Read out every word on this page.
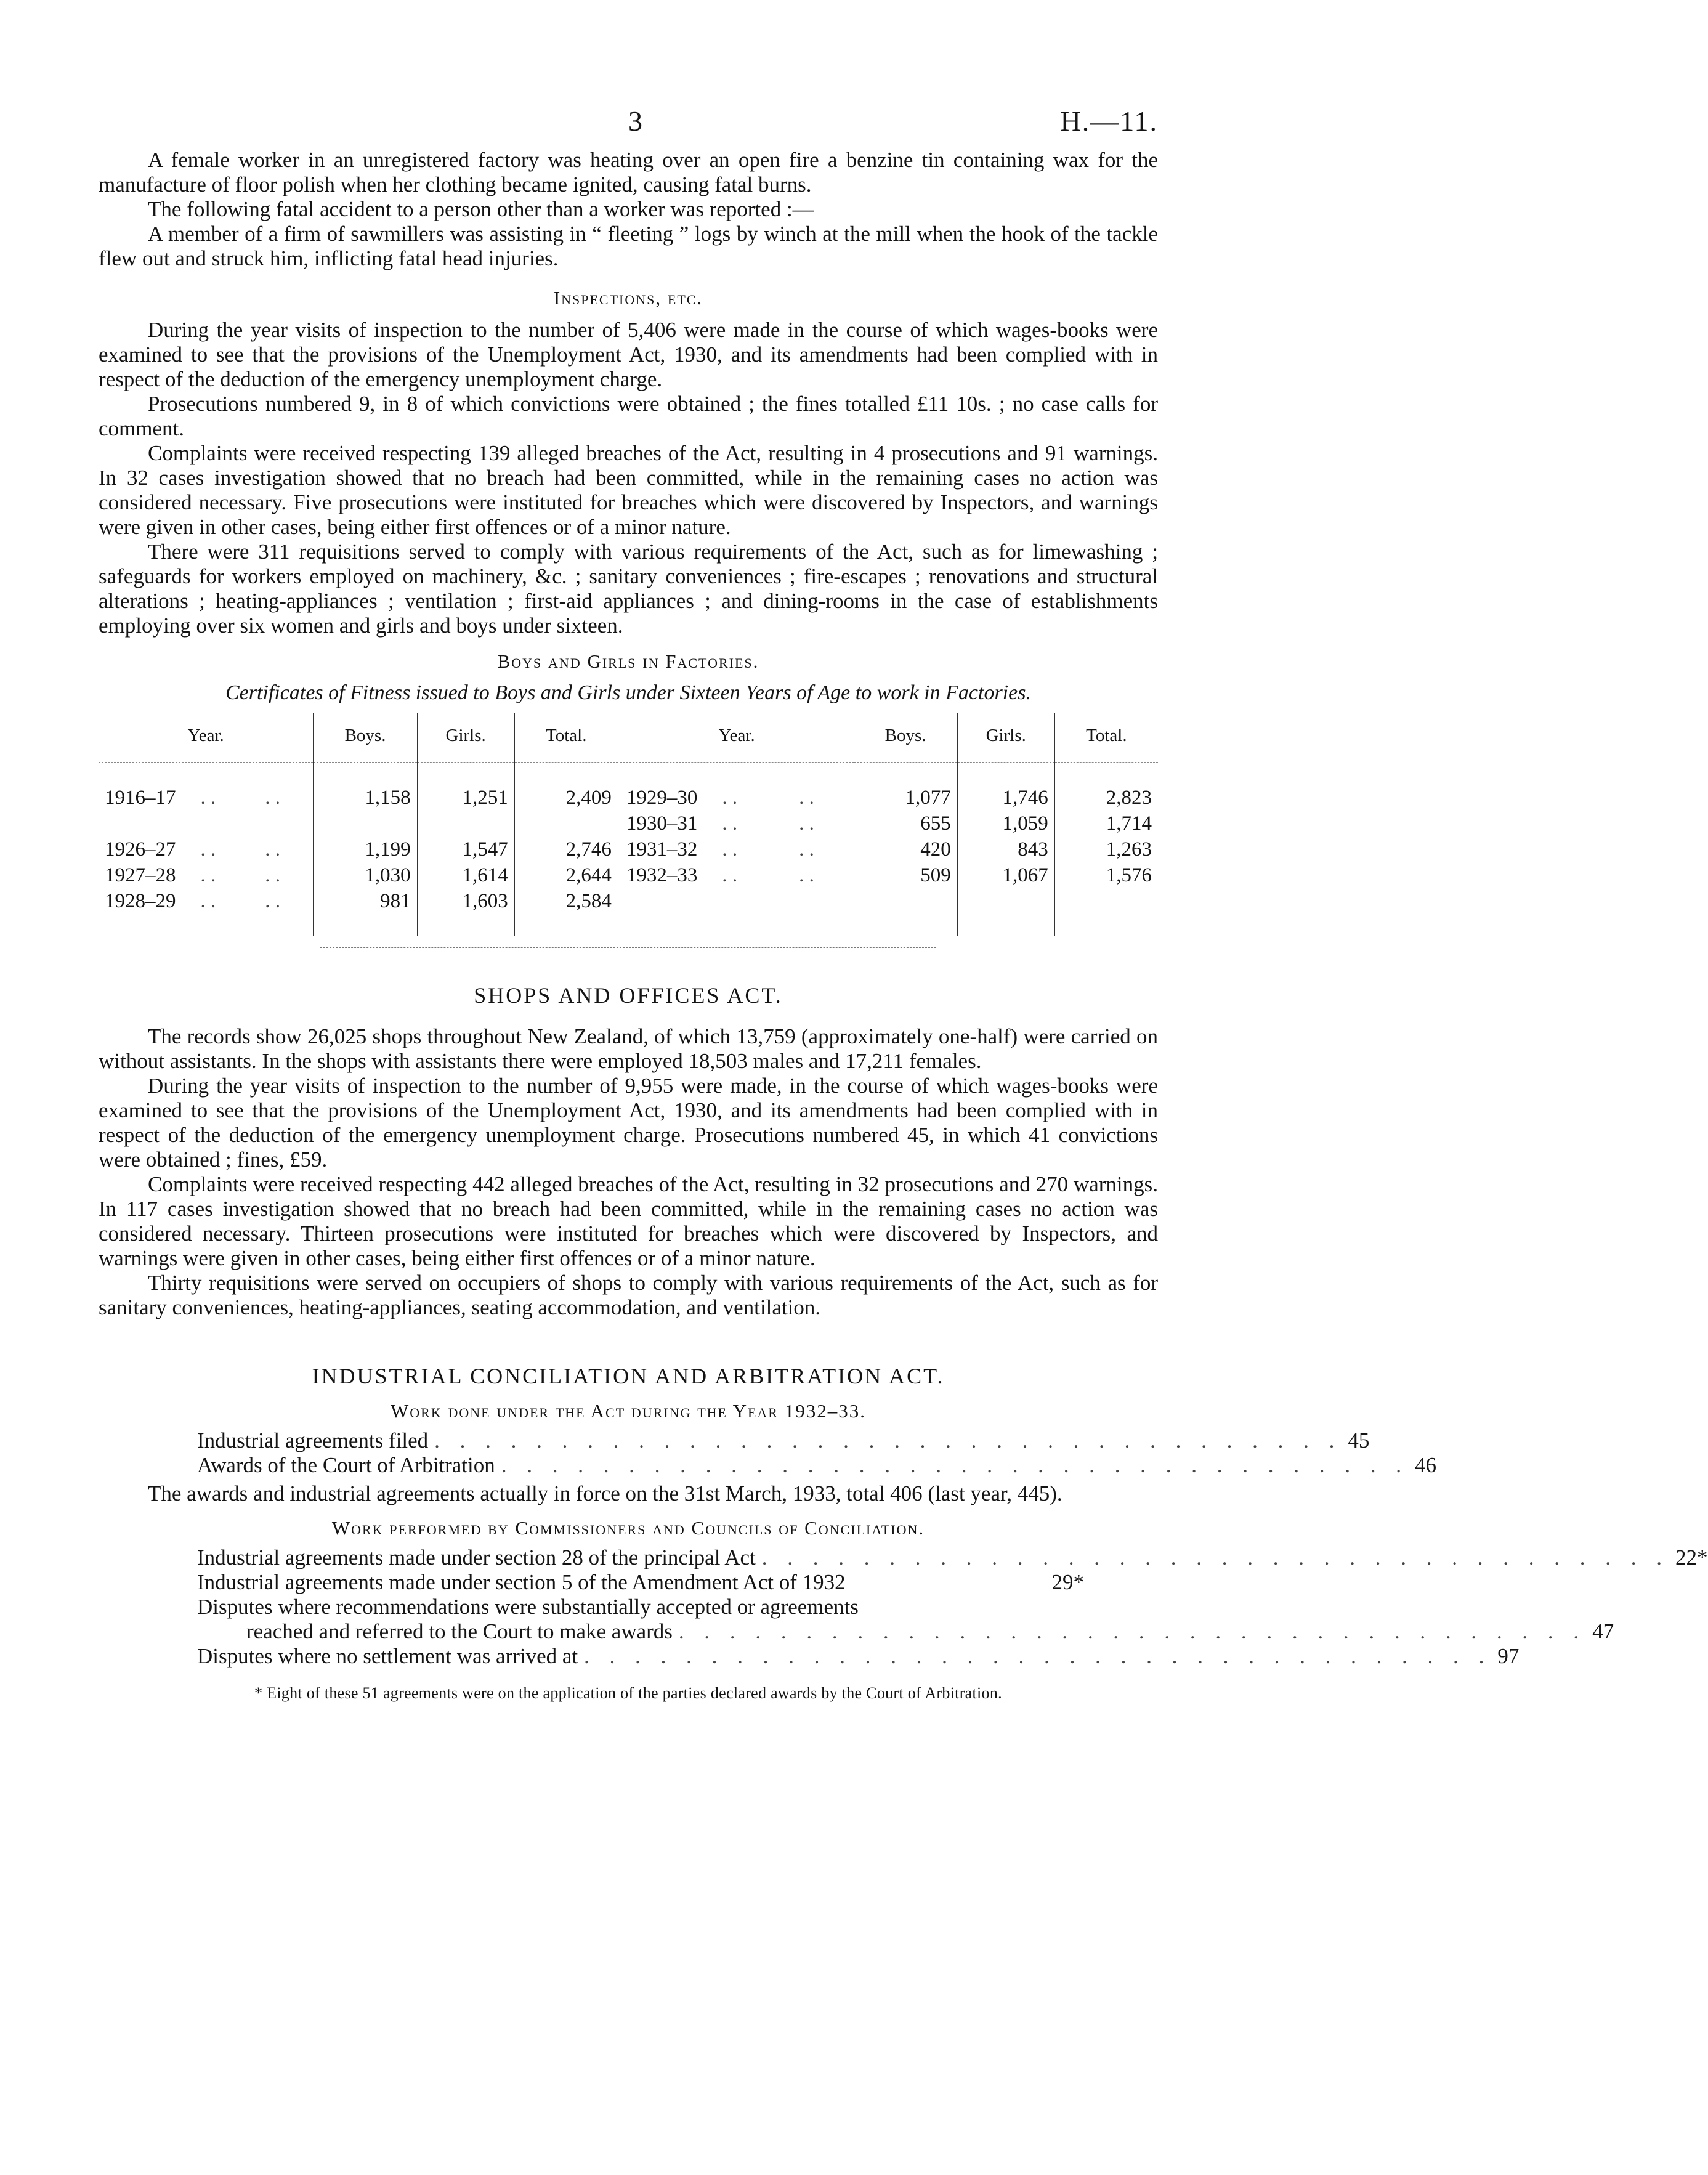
3	H.—11.

A female worker in an unregistered factory was heating over an open fire a benzine tin containing wax for the manufacture of floor polish when her clothing became ignited, causing fatal burns.

The following fatal accident to a person other than a worker was reported :—

A member of a firm of sawmillers was assisting in “ fleeting ” logs by winch at the mill when the hook of the tackle flew out and struck him, inflicting fatal head injuries.

Inspections, etc.

During the year visits of inspection to the number of 5,406 were made in the course of which wages-books were examined to see that the provisions of the Unemployment Act, 1930, and its amendments had been complied with in respect of the deduction of the emergency unemployment charge.

Prosecutions numbered 9, in 8 of which convictions were obtained ; the fines totalled £11 10s. ; no case calls for comment.

Complaints were received respecting 139 alleged breaches of the Act, resulting in 4 prosecutions and 91 warnings. In 32 cases investigation showed that no breach had been committed, while in the remaining cases no action was considered necessary. Five prosecutions were instituted for breaches which were discovered by Inspectors, and warnings were given in other cases, being either first offences or of a minor nature.

There were 311 requisitions served to comply with various requirements of the Act, such as for limewashing ; safeguards for workers employed on machinery, &c. ; sanitary conveniences ; fire-escapes ; renovations and structural alterations ; heating-appliances ; ventilation ; first-aid appliances ; and dining-rooms in the case of establishments employing over six women and girls and boys under sixteen.

Boys and Girls in Factories.
Certificates of Fitness issued to Boys and Girls under Sixteen Years of Age to work in Factories.
Year.	Boys.	Girls.	Total.	Year.	Boys.	Girls.	Total.

1916–17 . . . .	1,158	1,251	2,409	1929–30 . . . .	1,077	1,746	2,823
				1930–31 . . . .	655	1,059	1,714
1926–27 . . . .	1,199	1,547	2,746	1931–32 . . . .	420	843	1,263
1927–28 . . . .	1,030	1,614	2,644	1932–33 . . . .	509	1,067	1,576
1928–29 . . . .	981	1,603	2,584				

SHOPS AND OFFICES ACT.

The records show 26,025 shops throughout New Zealand, of which 13,759 (approximately one-half) were carried on without assistants. In the shops with assistants there were employed 18,503 males and 17,211 females.

During the year visits of inspection to the number of 9,955 were made, in the course of which wages-books were examined to see that the provisions of the Unemployment Act, 1930, and its amendments had been complied with in respect of the deduction of the emergency unemployment charge. Prosecutions numbered 45, in which 41 convictions were obtained ; fines, £59.

Complaints were received respecting 442 alleged breaches of the Act, resulting in 32 prosecutions and 270 warnings. In 117 cases investigation showed that no breach had been committed, while in the remaining cases no action was considered necessary. Thirteen prosecutions were instituted for breaches which were discovered by Inspectors, and warnings were given in other cases, being either first offences or of a minor nature.

Thirty requisitions were served on occupiers of shops to comply with various requirements of the Act, such as for sanitary conveniences, heating-appliances, seating accommodation, and ventilation.

INDUSTRIAL CONCILIATION AND ARBITRATION ACT.
Work done under the Act during the Year 1932–33.
Industrial agreements filed . . . . . . . . . . . . . . . . . . . . . . . . . . . . . . . . . . . . 45
Awards of the Court of Arbitration . . . . . . . . . . . . . . . . . . . . . . . . . . . . . . . . . . . . 46

The awards and industrial agreements actually in force on the 31st March, 1933, total 406 (last year, 445).

Work performed by Commissioners and Councils of Conciliation.
Industrial agreements made under section 28 of the principal Act . . . . . . . . . . . . . . . . . . . . . . . . . . . . . . . . . . . . 22*
Industrial agreements made under section 5 of the Amendment Act of 1932	29*
Disputes where recommendations were substantially accepted or agreements
reached and referred to the Court to make awards . . . . . . . . . . . . . . . . . . . . . . . . . . . . . . . . . . . . 47
Disputes where no settlement was arrived at . . . . . . . . . . . . . . . . . . . . . . . . . . . . . . . . . . . . 97
* Eight of these 51 agreements were on the application of the parties declared awards by the Court of Arbitration.
